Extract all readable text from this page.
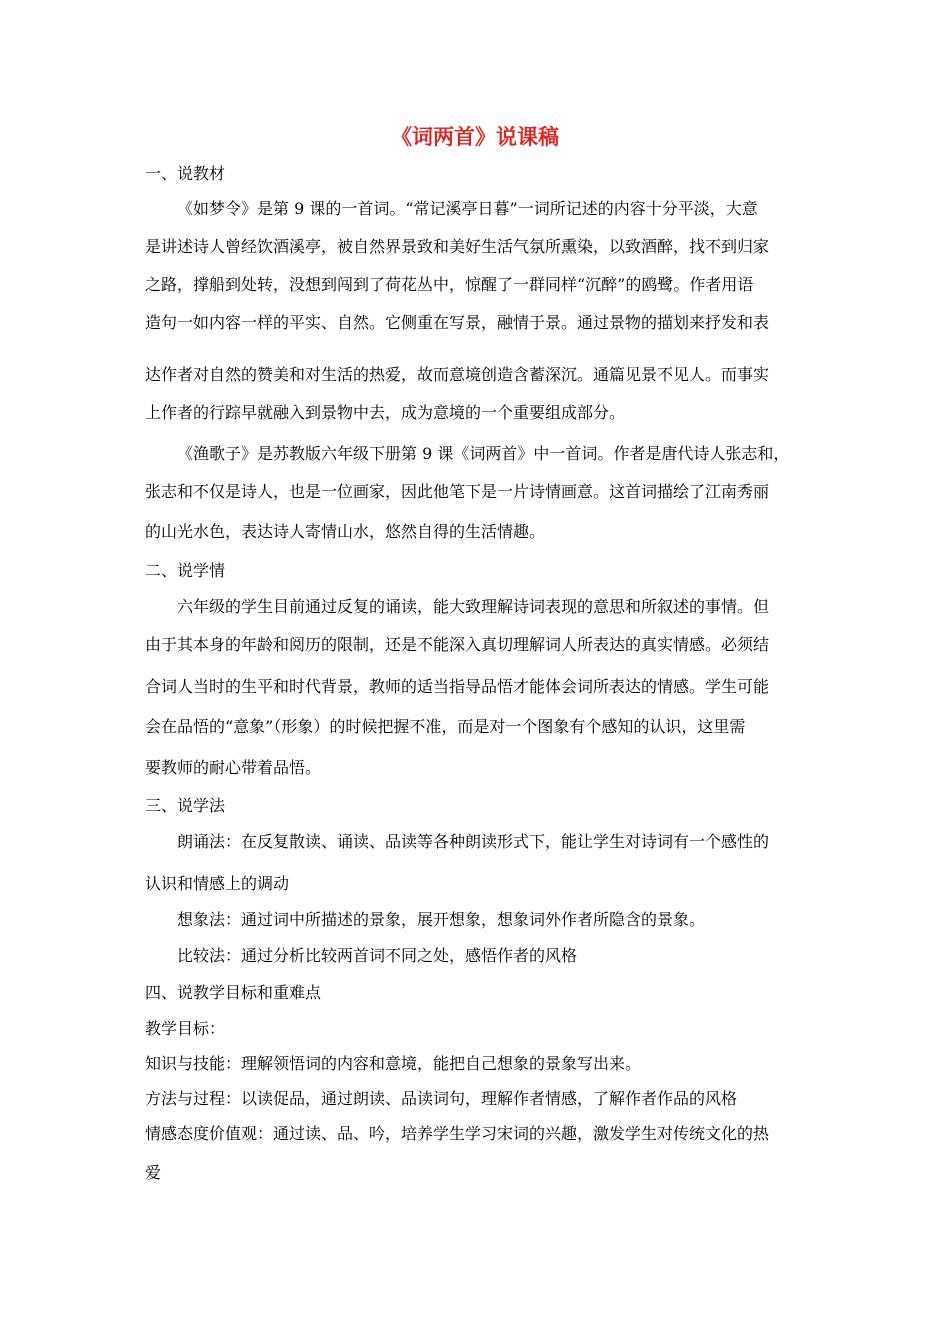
《词两首》说课稿
一、说教材
《如梦令》是第 9 课的一首词。“常记溪亭日暮”一词所记述的内容十分平淡，大意
是讲述诗人曾经饮酒溪亭，被自然界景致和美好生活气氛所熏染，以致酒醉，找不到归家
之路，撑船到处转，没想到闯到了荷花丛中，惊醒了一群同样“沉醉”的鸥鹭。作者用语
造句一如内容一样的平实、自然。它侧重在写景，融情于景。通过景物的描划来抒发和表
达作者对自然的赞美和对生活的热爱，故而意境创造含蓄深沉。通篇见景不见人。而事实
上作者的行踪早就融入到景物中去，成为意境的一个重要组成部分。
《渔歌子》是苏教版六年级下册第 9 课《词两首》中一首词。作者是唐代诗人张志和，
张志和不仅是诗人，也是一位画家，因此他笔下是一片诗情画意。这首词描绘了江南秀丽
的山光水色，表达诗人寄情山水，悠然自得的生活情趣。
二、说学情
六年级的学生目前通过反复的诵读，能大致理解诗词表现的意思和所叙述的事情。但
由于其本身的年龄和阅历的限制，还是不能深入真切理解词人所表达的真实情感。必须结
合词人当时的生平和时代背景，教师的适当指导品悟才能体会词所表达的情感。学生可能
会在品悟的“意象”（形象）的时候把握不准，而是对一个图象有个感知的认识，这里需
要教师的耐心带着品悟。
三、说学法
朗诵法：在反复散读、诵读、品读等各种朗读形式下，能让学生对诗词有一个感性的
认识和情感上的调动
想象法：通过词中所描述的景象，展开想象，想象词外作者所隐含的景象。
比较法：通过分析比较两首词不同之处，感悟作者的风格
四、说教学目标和重难点
教学目标：
知识与技能：理解领悟词的内容和意境，能把自己想象的景象写出来。
方法与过程：以读促品，通过朗读、品读词句，理解作者情感，了解作者作品的风格
情感态度价值观：通过读、品、吟，培养学生学习宋词的兴趣，激发学生对传统文化的热
爱
